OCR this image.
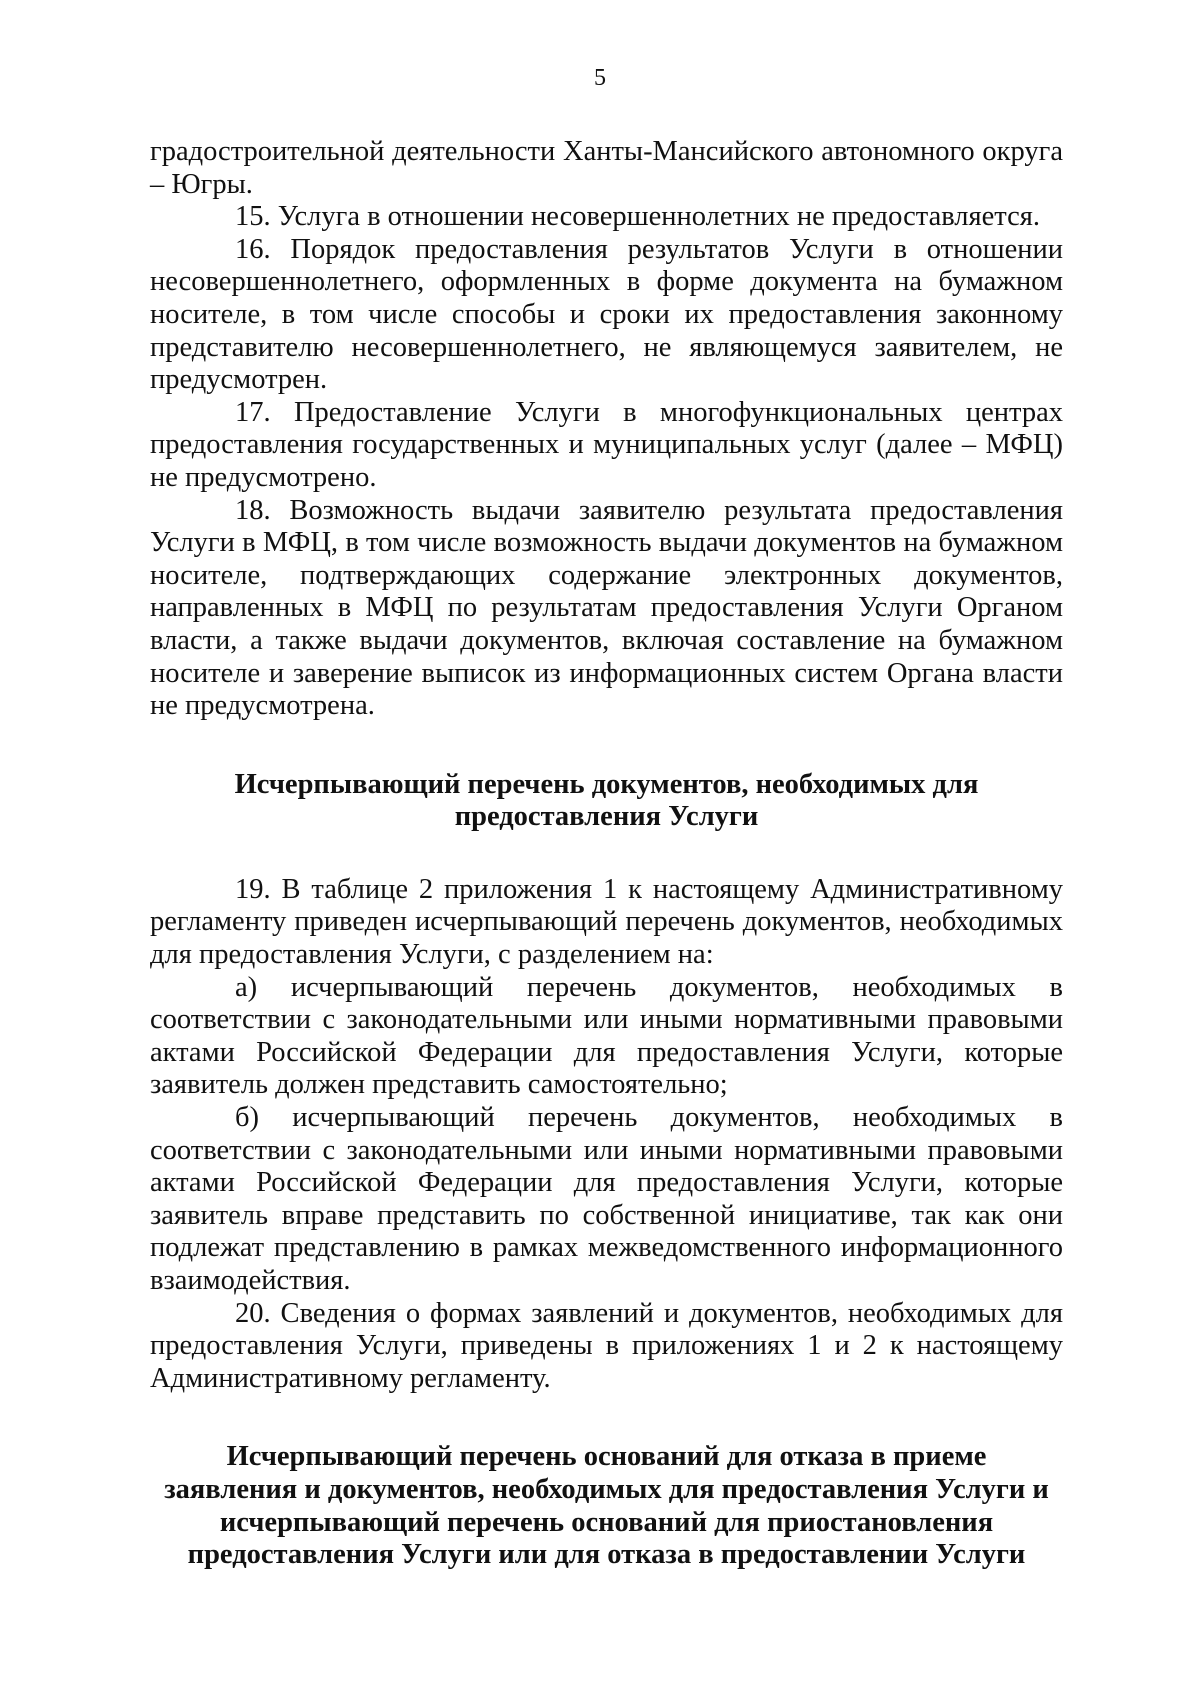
5

градостроительной деятельности Ханты-Мансийского автономного округа – Югры.

15. Услуга в отношении несовершеннолетних не предоставляется.

16. Порядок предоставления результатов Услуги в отношении несовершеннолетнего, оформленных в форме документа на бумажном носителе, в том числе способы и сроки их предоставления законному представителю несовершеннолетнего, не являющемуся заявителем, не предусмотрен.

17. Предоставление Услуги в многофункциональных центрах предоставления государственных и муниципальных услуг (далее – МФЦ) не предусмотрено.

18. Возможность выдачи заявителю результата предоставления Услуги в МФЦ, в том числе возможность выдачи документов на бумажном носителе, подтверждающих содержание электронных документов, направленных в МФЦ по результатам предоставления Услуги Органом власти, а также выдачи документов, включая составление на бумажном носителе и заверение выписок из информационных систем Органа власти не предусмотрена.

Исчерпывающий перечень документов, необходимых для
предоставления Услуги

19. В таблице 2 приложения 1 к настоящему Административному регламенту приведен исчерпывающий перечень документов, необходимых для предоставления Услуги, с разделением на:

а) исчерпывающий перечень документов, необходимых в соответствии с законодательными или иными нормативными правовыми актами Российской Федерации для предоставления Услуги, которые заявитель должен представить самостоятельно;

б) исчерпывающий перечень документов, необходимых в соответствии с законодательными или иными нормативными правовыми актами Российской Федерации для предоставления Услуги, которые заявитель вправе представить по собственной инициативе, так как они подлежат представлению в рамках межведомственного информационного взаимодействия.

20. Сведения о формах заявлений и документов, необходимых для предоставления Услуги, приведены в приложениях 1 и 2 к настоящему Административному регламенту.

Исчерпывающий перечень оснований для отказа в приеме
заявления и документов, необходимых для предоставления Услуги и
исчерпывающий перечень оснований для приостановления
предоставления Услуги или для отказа в предоставлении Услуги
